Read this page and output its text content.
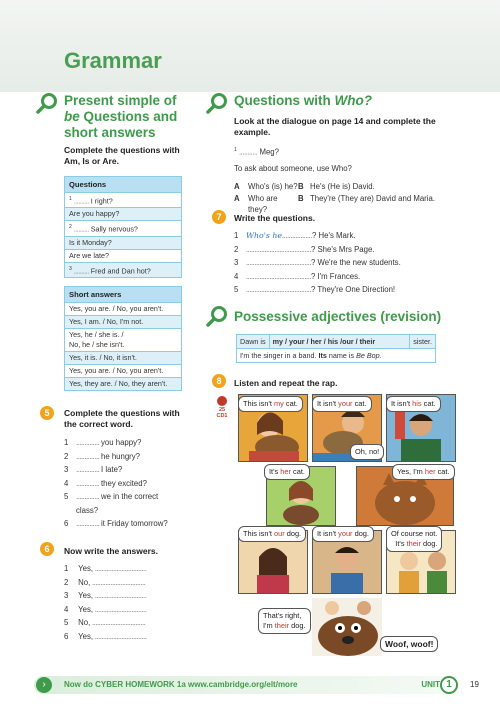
Grammar
Present simple of
be Questions and
short answers
Complete the questions with
Am, Is or Are.
Questions
$^1$ .......... I right?
Are you happy?
$^2$ .......... Sally nervous?
Is it Monday?
Are we late?
$^3$ .......... Fred and Dan hot?
Short answers
Yes, you are. / No, you aren't.
Yes, I am. / No, I'm not.
Yes, he / she is. /
No, he / she isn't.
Yes, it is. / No, it isn't.
Yes, you are. / No, you aren't.
Yes, they are. / No, they aren't.
5	Complete the questions with
the correct word.
1 .............. you happy?
2 .............. he hungry?
3 .............. I late?
4 .............. they excited?
5 .............. we in the correct
class?
6 .............. it Friday tomorrow?
6	Now write the answers.
1
	Yes, ...............................
2
	No, ................................
3
	Yes, ...............................
4
	Yes, ...............................
5
	No, ................................
6
	Yes, ...............................
Questions with Who?
Look at the dialogue on page 14 and complete the
example.
$^1$ ........... Meg?
To ask about someone, use Who?
A	Who's (is) he? B He's (He is) David.
A	Who are they?
B They're (They are) David and Maria.
7	Write the questions.
1 Who's he .................. ? He's Mark.
2 ....................................... ? She's Mrs Page.
3 ....................................... ? We're the new students.
4 ....................................... ? I'm Frances.
5 ....................................... ? They're One Direction!
Possessive adjectives (revision)
Dawn is my / your / her / his /our / their	sister.
I'm the singer in a band. Its name is Be Bop.
8	Listen and repeat the rap.
25
CD1
This isn't my cat.	It isn't your cat.	It isn't his cat.
Oh, no!
It's her cat.	Yes, I'm her cat.
This isn't our dog.	It isn't your dog.	Of course not.
It's their dog.
That's right,
I'm their dog.
Woof, woof!
›	Now do CYBER HOMEWORK 1a www.cambridge.org/elt/more	UNIT 1	19
